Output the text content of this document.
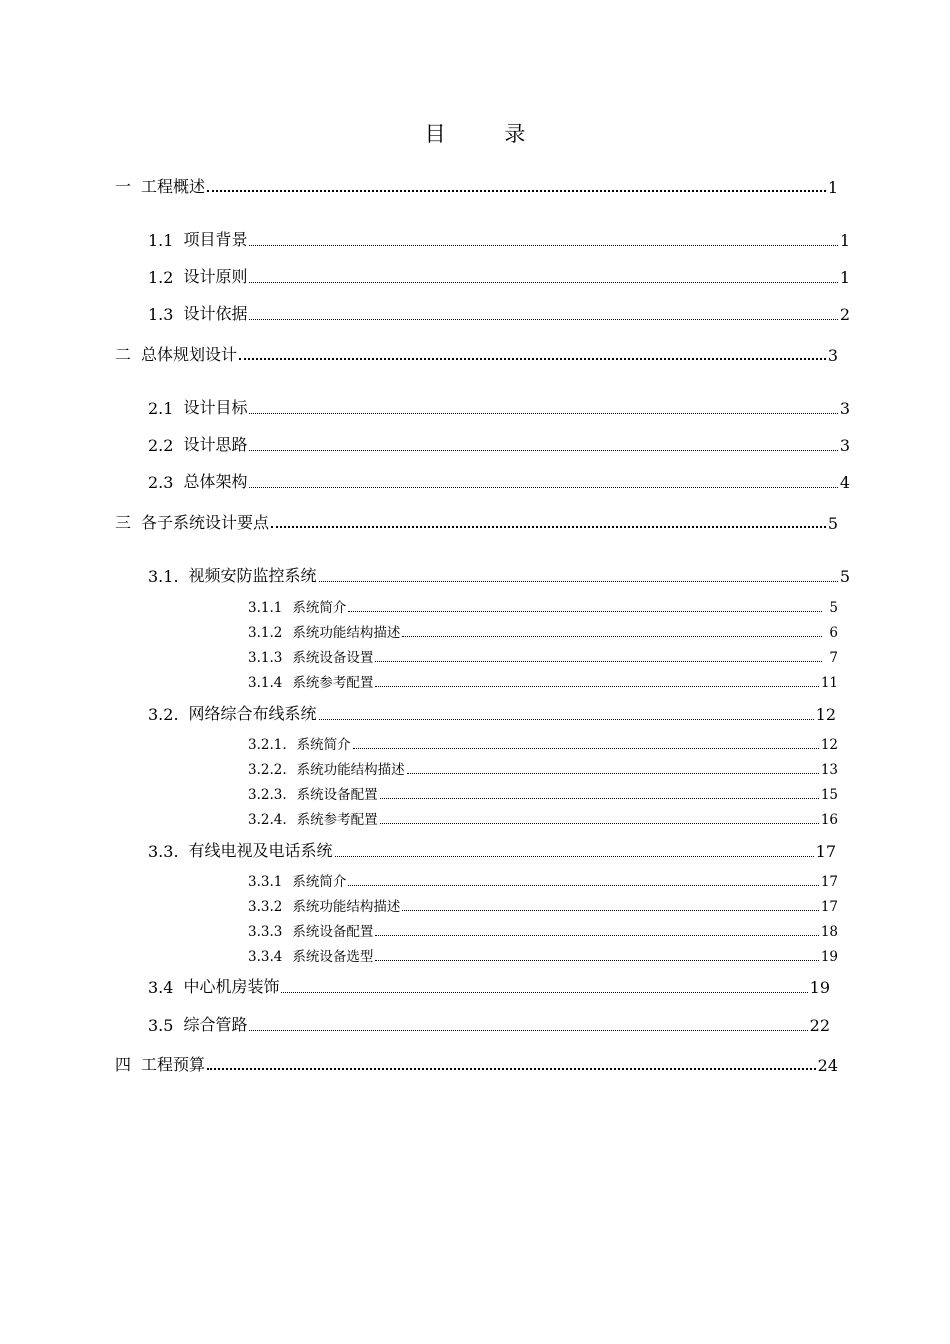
目 录
一 工程概述	1
1.1 项目背景	1
1.2 设计原则	1
1.3 设计依据	2
二 总体规划设计	3
2.1 设计目标	3
2.2 设计思路	3
2.3 总体架构	4
三 各子系统设计要点	5
3.1. 视频安防监控系统	5
3.1.1 系统简介	5
3.1.2 系统功能结构描述	6
3.1.3 系统设备设置	7
3.1.4 系统参考配置	11
3.2. 网络综合布线系统	12
3.2.1. 系统简介	12
3.2.2. 系统功能结构描述	13
3.2.3. 系统设备配置	15
3.2.4. 系统参考配置	16
3.3. 有线电视及电话系统	17
3.3.1 系统简介	17
3.3.2 系统功能结构描述	17
3.3.3 系统设备配置	18
3.3.4 系统设备选型	19
3.4 中心机房装饰	19
3.5 综合管路	22
四 工程预算	24
